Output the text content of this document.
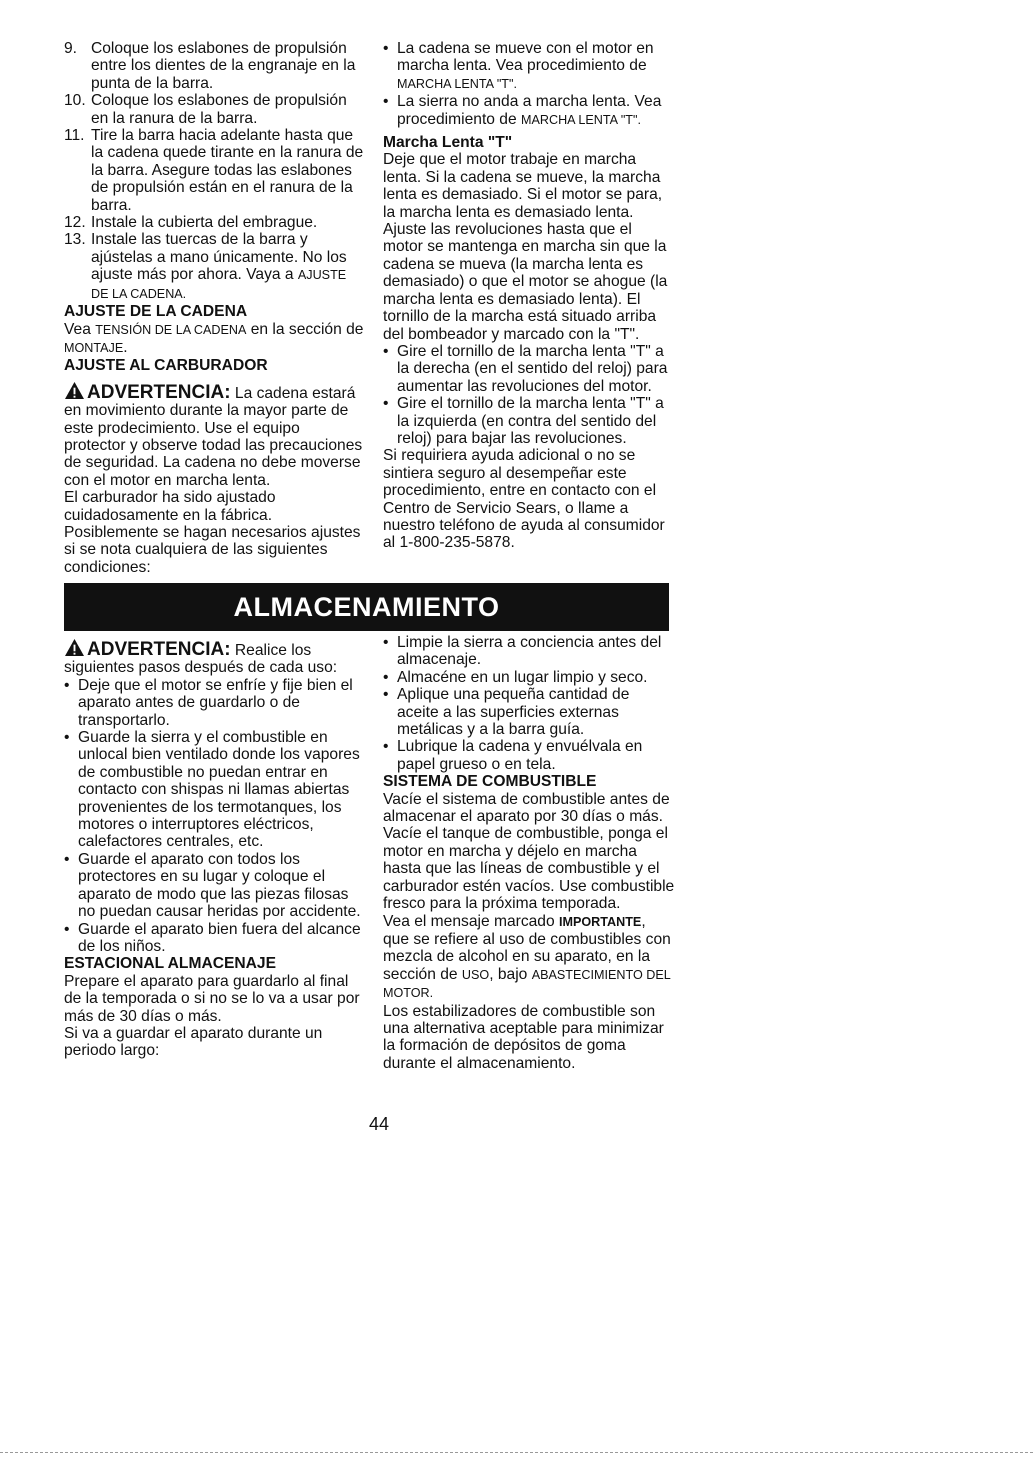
9. Coloque los eslabones de propulsión entre los dientes de la engranaje en la punta de la barra.

10. Coloque los eslabones de propulsión en la ranura de la barra.

11. Tire la barra hacia adelante hasta que la cadena quede tirante en la ranura de la barra. Asegure todas las eslabones de propulsión están en el ranura de la barra.

12. Instale la cubierta del embrague.

13. Instale las tuercas de la barra y ajústelas a mano únicamente. No los ajuste más por ahora. Vaya a AJUSTE DE LA CADENA.

AJUSTE DE LA CADENA

Vea TENSIÓN DE LA CADENA en la sección de MONTAJE.

AJUSTE AL CARBURADOR

ADVERTENCIA: La cadena estará en movimiento durante la mayor parte de este prodecimiento. Use el equipo protector y observe todad las precauciones de seguridad. La cadena no debe moverse con el motor en marcha lenta.

El carburador ha sido ajustado cuidadosamente en la fábrica. Posiblemente se hagan necesarios ajustes si se nota cualquiera de las siguientes condiciones:

• La cadena se mueve con el motor en marcha lenta. Vea procedimiento de MARCHA LENTA "T".

• La sierra no anda a marcha lenta. Vea procedimiento de MARCHA LENTA "T".

Marcha Lenta "T"

Deje que el motor trabaje en marcha lenta. Si la cadena se mueve, la marcha lenta es demasiado. Si el motor se para, la marcha lenta es demasiado lenta. Ajuste las revoluciones hasta que el motor se mantenga en marcha sin que la cadena se mueva (la marcha lenta es demasiado) o que el motor se ahogue (la marcha lenta es demasiado lenta). El tornillo de la marcha está situado arriba del bombeador y marcado con la "T".

• Gire el tornillo de la marcha lenta "T" a la derecha (en el sentido del reloj) para aumentar las revoluciones del motor.

• Gire el tornillo de la marcha lenta "T" a la izquierda (en contra del sentido del reloj) para bajar las revoluciones.

Si requiriera ayuda adicional o no se sintiera seguro al desempeñar este procedimiento, entre en contacto con el Centro de Servicio Sears, o llame a nuestro teléfono de ayuda al consumidor al 1-800-235-5878.

ALMACENAMIENTO

ADVERTENCIA: Realice los siguientes pasos después de cada uso:

• Deje que el motor se enfríe y fije bien el aparato antes de guardarlo o de transportarlo.

• Guarde la sierra y el combustible en unlocal bien ventilado donde los vapores de combustible no puedan entrar en contacto con shispas ni llamas abiertas provenientes de los termotanques, los motores o interruptores eléctricos, calefactores centrales, etc.

• Guarde el aparato con todos los protectores en su lugar y coloque el aparato de modo que las piezas filosas no puedan causar heridas por accidente.

• Guarde el aparato bien fuera del alcance de los niños.

ESTACIONAL ALMACENAJE

Prepare el aparato para guardarlo al final de la temporada o si no se lo va a usar por más de 30 días o más.

Si va a guardar el aparato durante un periodo largo:

• Limpie la sierra a conciencia antes del almacenaje.

• Almacéne en un lugar limpio y seco.

• Aplique una pequeña cantidad de aceite a las superficies externas metálicas y a la barra guía.

• Lubrique la cadena y envuélvala en papel grueso o en tela.

SISTEMA DE COMBUSTIBLE

Vacíe el sistema de combustible antes de almacenar el aparato por 30 días o más. Vacíe el tanque de combustible, ponga el motor en marcha y déjelo en marcha hasta que las líneas de combustible y el carburador estén vacíos. Use combustible fresco para la próxima temporada.

Vea el mensaje marcado IMPORTANTE, que se refiere al uso de combustibles con mezcla de alcohol en su aparato, en la sección de USO, bajo ABASTECIMIENTO DEL MOTOR.

Los estabilizadores de combustible son una alternativa aceptable para minimizar la formación de depósitos de goma durante el almacenamiento.

44
